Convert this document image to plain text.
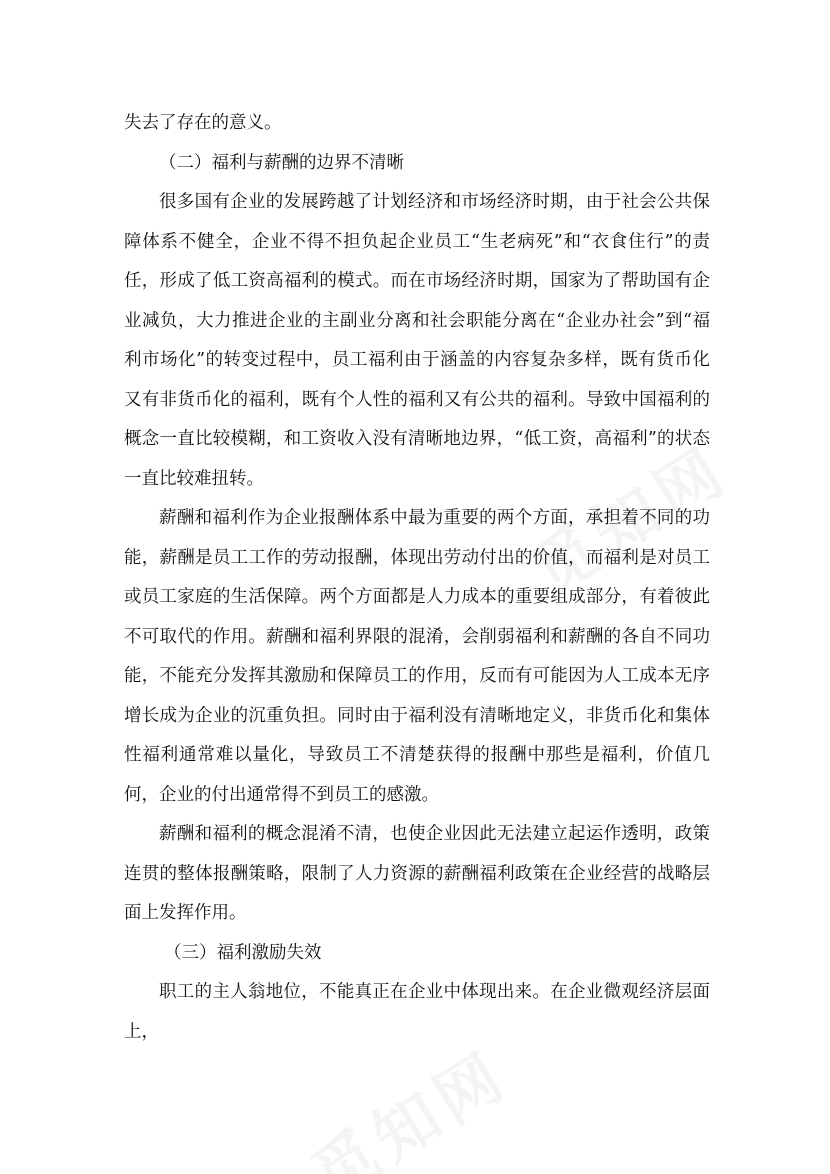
失去了存在的意义。

（二）福利与薪酬的边界不清晰

很多国有企业的发展跨越了计划经济和市场经济时期，由于社会公共保障体系不健全，企业不得不担负起企业员工“生老病死”和“衣食住行”的责任，形成了低工资高福利的模式。而在市场经济时期，国家为了帮助国有企业减负，大力推进企业的主副业分离和社会职能分离在“企业办社会”到“福利市场化”的转变过程中，员工福利由于涵盖的内容复杂多样，既有货币化又有非货币化的福利，既有个人性的福利又有公共的福利。导致中国福利的概念一直比较模糊，和工资收入没有清晰地边界，“低工资，高福利”的状态一直比较难扭转。

薪酬和福利作为企业报酬体系中最为重要的两个方面，承担着不同的功能，薪酬是员工工作的劳动报酬，体现出劳动付出的价值，而福利是对员工或员工家庭的生活保障。两个方面都是人力成本的重要组成部分，有着彼此不可取代的作用。薪酬和福利界限的混淆，会削弱福利和薪酬的各自不同功能，不能充分发挥其激励和保障员工的作用，反而有可能因为人工成本无序增长成为企业的沉重负担。同时由于福利没有清晰地定义，非货币化和集体性福利通常难以量化，导致员工不清楚获得的报酬中那些是福利，价值几何，企业的付出通常得不到员工的感激。

薪酬和福利的概念混淆不清，也使企业因此无法建立起运作透明，政策连贯的整体报酬策略，限制了人力资源的薪酬福利政策在企业经营的战略层面上发挥作用。

（三）福利激励失效

职工的主人翁地位，不能真正在企业中体现出来。在企业微观经济层面上，
